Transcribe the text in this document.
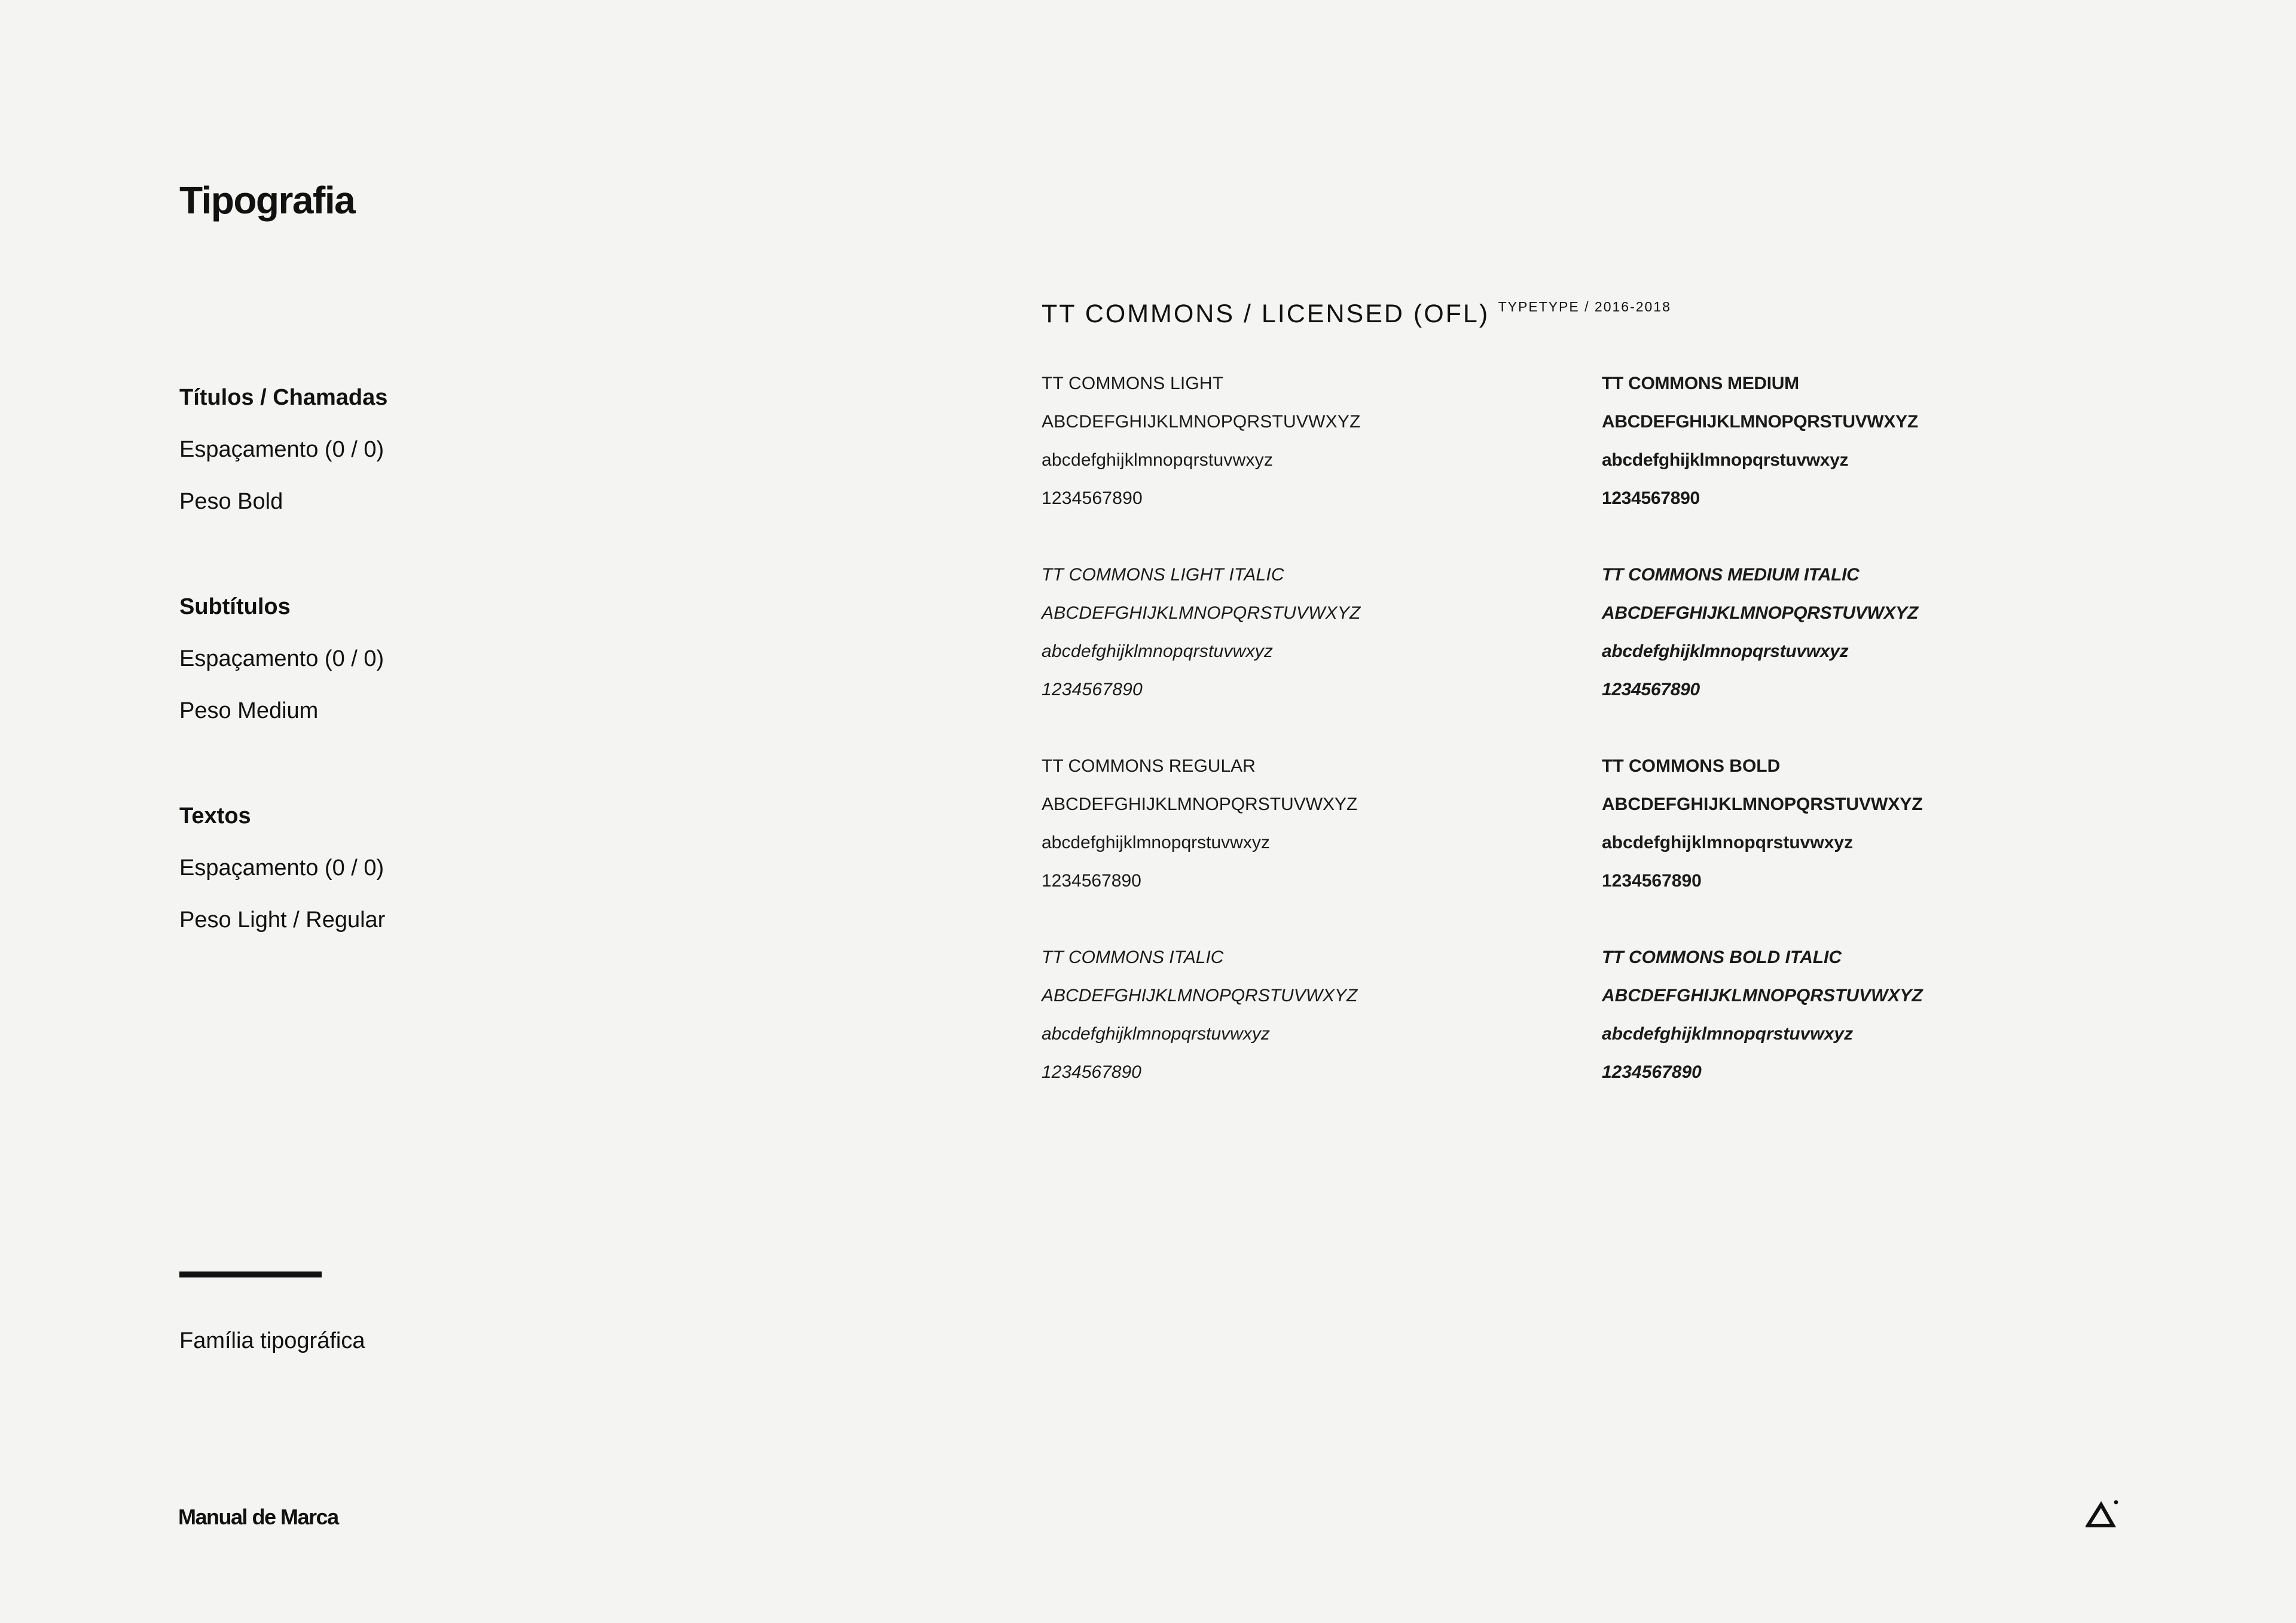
Tipografia
Títulos / Chamadas
Espaçamento (0 / 0)
Peso Bold
Subtítulos
Espaçamento (0 / 0)
Peso Medium
Textos
Espaçamento (0 / 0)
Peso Light / Regular
TT COMMONS / LICENSED (OFL) TYPETYPE / 2016-2018
TT COMMONS LIGHT
ABCDEFGHIJKLMNOPQRSTUVWXYZ
abcdefghijklmnopqrstuvwxyz
1234567890
TT COMMONS MEDIUM
ABCDEFGHIJKLMNOPQRSTUVWXYZ
abcdefghijklmnopqrstuvwxyz
1234567890
TT COMMONS LIGHT ITALIC
ABCDEFGHIJKLMNOPQRSTUVWXYZ
abcdefghijklmnopqrstuvwxyz
1234567890
TT COMMONS MEDIUM ITALIC
ABCDEFGHIJKLMNOPQRSTUVWXYZ
abcdefghijklmnopqrstuvwxyz
1234567890
TT COMMONS REGULAR
ABCDEFGHIJKLMNOPQRSTUVWXYZ
abcdefghijklmnopqrstuvwxyz
1234567890
TT COMMONS BOLD
ABCDEFGHIJKLMNOPQRSTUVWXYZ
abcdefghijklmnopqrstuvwxyz
1234567890
TT COMMONS ITALIC
ABCDEFGHIJKLMNOPQRSTUVWXYZ
abcdefghijklmnopqrstuvwxyz
1234567890
TT COMMONS BOLD ITALIC
ABCDEFGHIJKLMNOPQRSTUVWXYZ
abcdefghijklmnopqrstuvwxyz
1234567890
Família tipográfica
Manual de Marca
